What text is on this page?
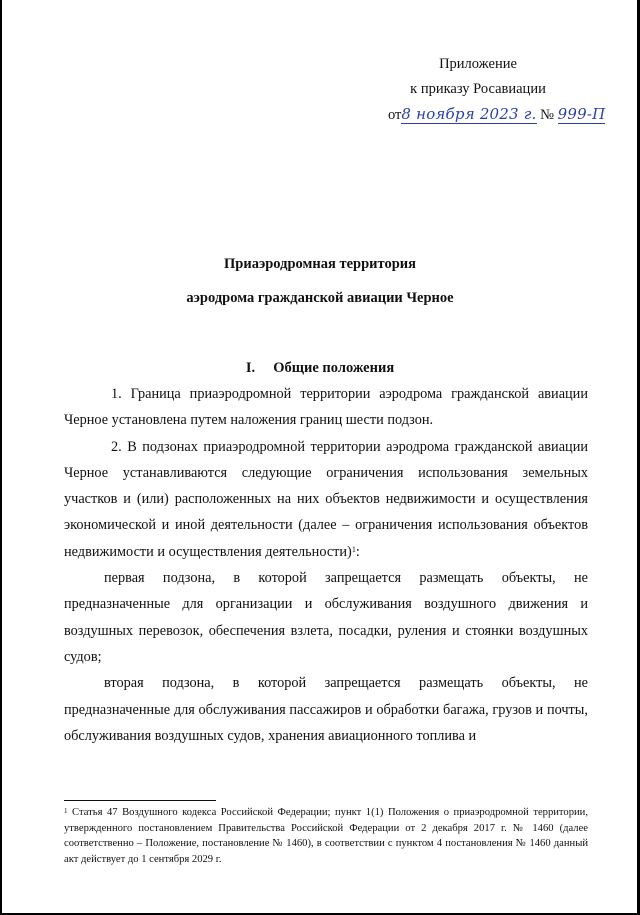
Приложение
к приказу Росавиации
от8 ноября 2023 г. № 999-П
Приаэродромная территория
аэродрома гражданской авиации Черное
I. Общие положения

1. Граница приаэродромной территории аэродрома гражданской авиации Черное установлена путем наложения границ шести подзон.

2. В подзонах приаэродромной территории аэродрома гражданской авиации Черное устанавливаются следующие ограничения использования земельных участков и (или) расположенных на них объектов недвижимости и осуществления экономической и иной деятельности (далее – ограничения использования объектов недвижимости и осуществления деятельности)$^1$:

первая подзона, в которой запрещается размещать объекты, не предназначенные для организации и обслуживания воздушного движения и воздушных перевозок, обеспечения взлета, посадки, руления и стоянки воздушных судов;

вторая подзона, в которой запрещается размещать объекты, не предназначенные для обслуживания пассажиров и обработки багажа, грузов и почты, обслуживания воздушных судов, хранения авиационного топлива и

$^1$ Статья 47 Воздушного кодекса Российской Федерации; пункт 1(1) Положения о приаэродромной территории, утвержденного постановлением Правительства Российской Федерации от 2 декабря 2017 г. № 1460 (далее соответственно – Положение, постановление № 1460), в соответствии с пунктом 4 постановления № 1460 данный акт действует до 1 сентября 2029 г.
